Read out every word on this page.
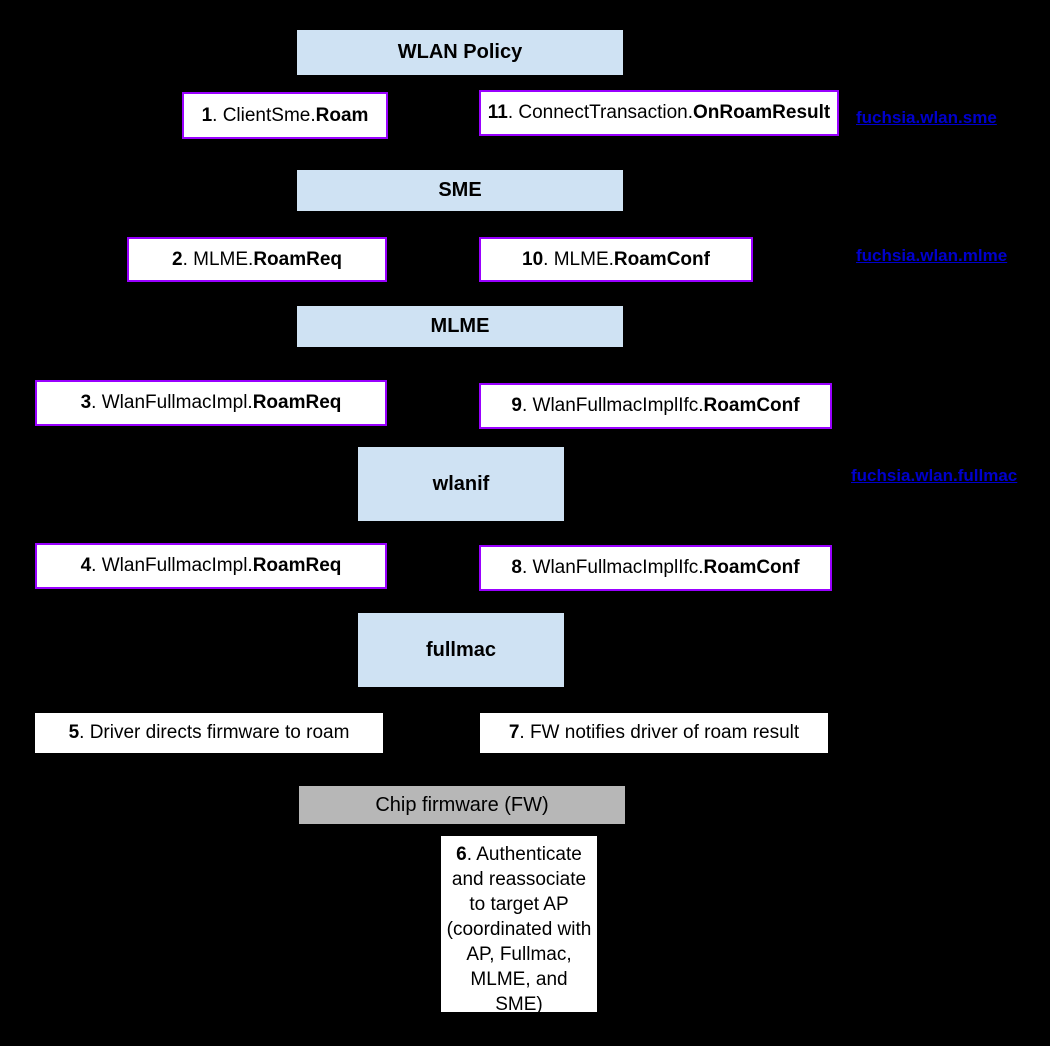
WLAN Policy
1. ClientSme.Roam	11. ConnectTransaction.OnRoamResult fuchsia.wlan.sme
SME
2. MLME.RoamReq	10. MLME.RoamConf	fuchsia.wlan.mlme
MLME
3. WlanFullmacImpl.RoamReq	9. WlanFullmacImplIfc.RoamConf
wlanif	fuchsia.wlan.fullmac
4. WlanFullmacImpl.RoamReq	8. WlanFullmacImplIfc.RoamConf
fullmac
5. Driver directs firmware to roam	7. FW notifies driver of roam result
Chip firmware (FW)
6. Authenticate and reassociate to target AP (coordinated with AP, Fullmac, MLME, and SME)
